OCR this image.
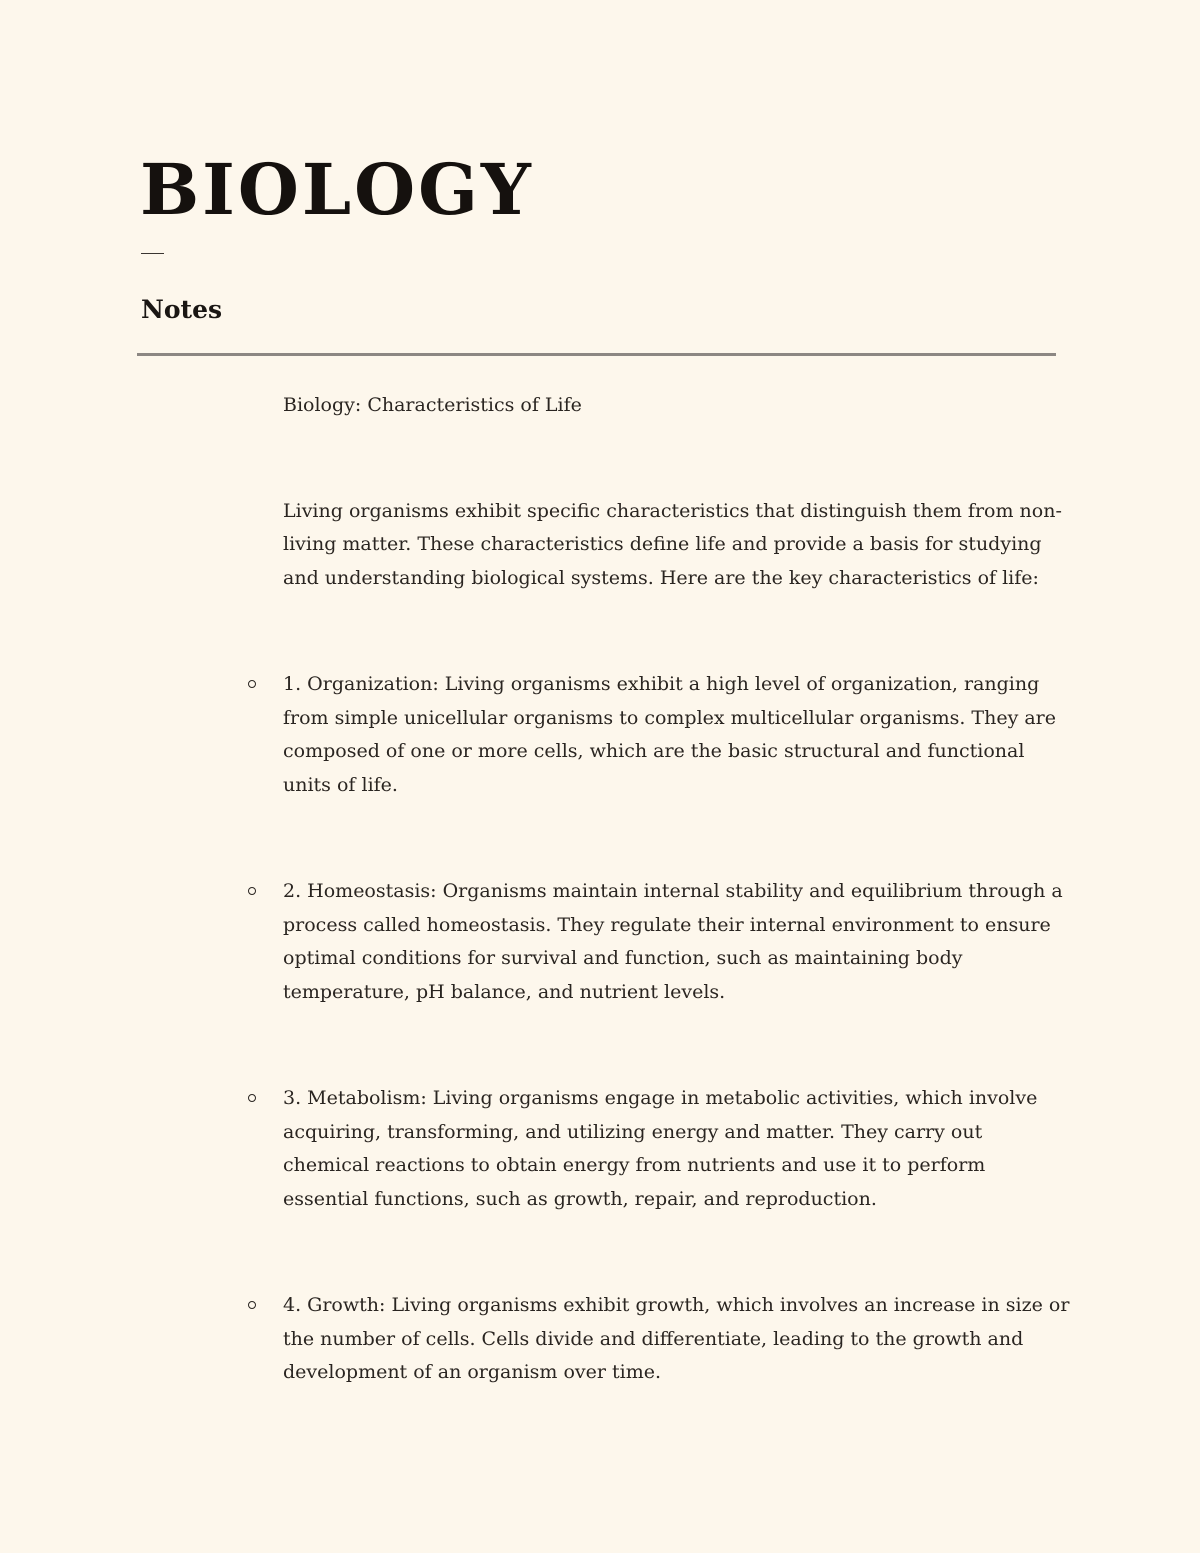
BIOLOGY
Notes

Biology: Characteristics of Life

Living organisms exhibit specific characteristics that distinguish them from non-living matter. These characteristics define life and provide a basis for studying and understanding biological systems. Here are the key characteristics of life:

1. Organization: Living organisms exhibit a high level of organization, ranging from simple unicellular organisms to complex multicellular organisms. They are composed of one or more cells, which are the basic structural and functional units of life.
2. Homeostasis: Organisms maintain internal stability and equilibrium through a process called homeostasis. They regulate their internal environment to ensure optimal conditions for survival and function, such as maintaining body temperature, pH balance, and nutrient levels.
3. Metabolism: Living organisms engage in metabolic activities, which involve acquiring, transforming, and utilizing energy and matter. They carry out chemical reactions to obtain energy from nutrients and use it to perform essential functions, such as growth, repair, and reproduction.
4. Growth: Living organisms exhibit growth, which involves an increase in size or the number of cells. Cells divide and differentiate, leading to the growth and development of an organism over time.
